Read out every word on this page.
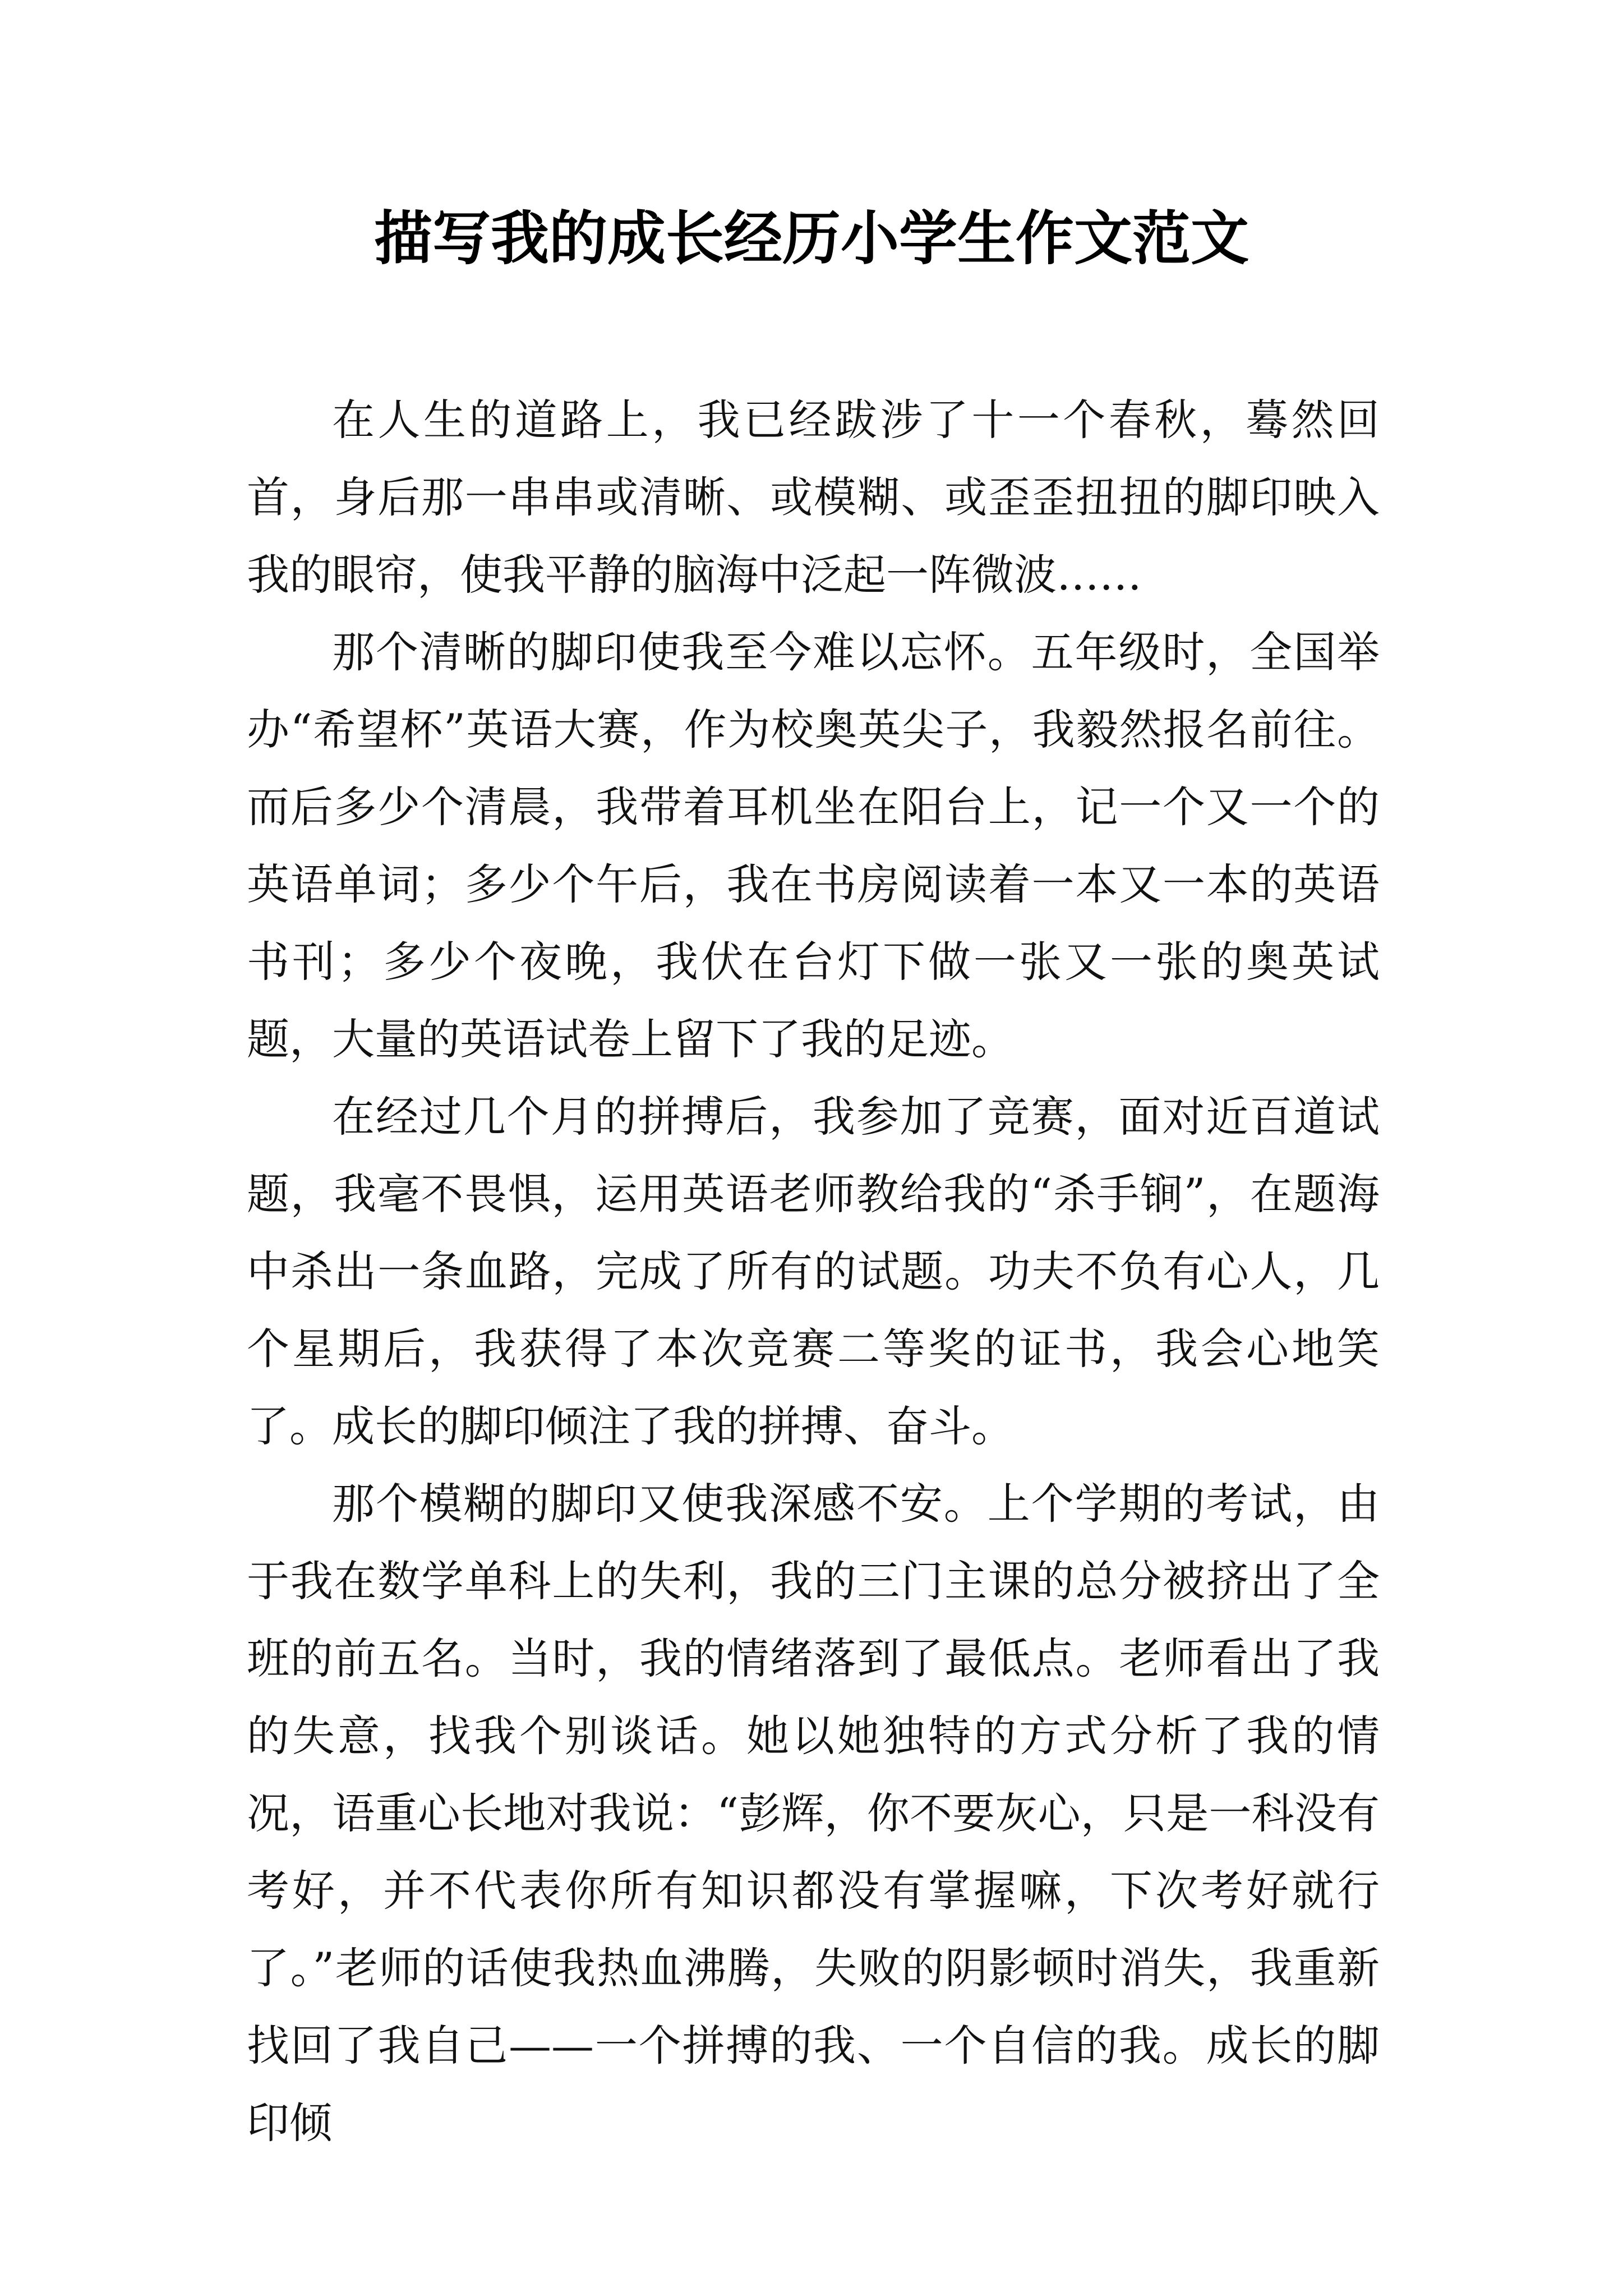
描写我的成长经历小学生作文范文

在人生的道路上，我已经跋涉了十一个春秋，蓦然回首，身后那一串串或清晰、或模糊、或歪歪扭扭的脚印映入我的眼帘，使我平静的脑海中泛起一阵微波……

那个清晰的脚印使我至今难以忘怀。五年级时，全国举办“希望杯”英语大赛，作为校奥英尖子，我毅然报名前往。而后多少个清晨，我带着耳机坐在阳台上，记一个又一个的英语单词；多少个午后，我在书房阅读着一本又一本的英语书刊；多少个夜晚，我伏在台灯下做一张又一张的奥英试题，大量的英语试卷上留下了我的足迹。

在经过几个月的拼搏后，我参加了竞赛，面对近百道试题，我毫不畏惧，运用英语老师教给我的“杀手锏”，在题海中杀出一条血路，完成了所有的试题。功夫不负有心人，几个星期后，我获得了本次竞赛二等奖的证书，我会心地笑了。成长的脚印倾注了我的拼搏、奋斗。

那个模糊的脚印又使我深感不安。上个学期的考试，由于我在数学单科上的失利，我的三门主课的总分被挤出了全班的前五名。当时，我的情绪落到了最低点。老师看出了我的失意，找我个别谈话。她以她独特的方式分析了我的情况，语重心长地对我说：“彭辉，你不要灰心，只是一科没有考好，并不代表你所有知识都没有掌握嘛，下次考好就行了。”老师的话使我热血沸腾，失败的阴影顿时消失，我重新找回了我自己——一个拼搏的我、一个自信的我。成长的脚印倾
